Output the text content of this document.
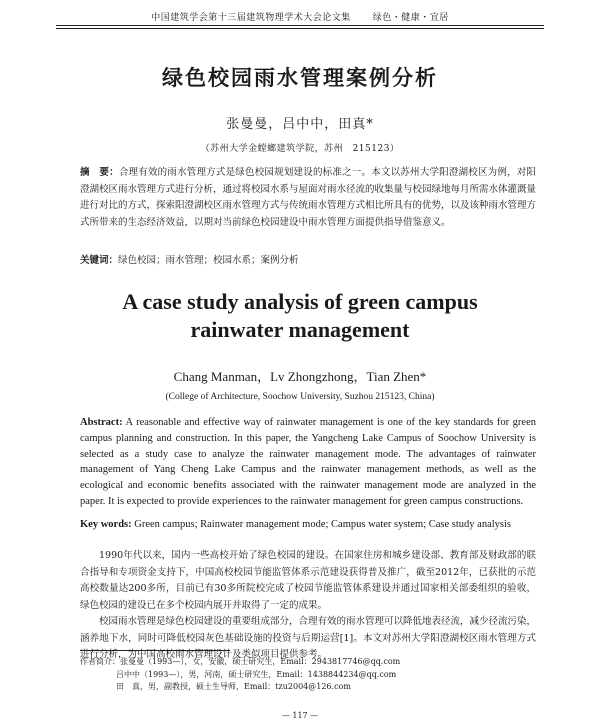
中国建筑学会第十三届建筑物理学术大会论文集 绿色・健康・宜居
绿色校园雨水管理案例分析
张曼曼，吕中中，田真*
（苏州大学金螳螂建筑学院，苏州　215123）
摘　要：合理有效的雨水管理方式是绿色校园规划建设的标准之一。本文以苏州大学阳澄湖校区为例，对阳澄湖校区雨水管理方式进行分析，通过将校园水系与屋面对雨水径流的收集量与校园绿地每月所需水体灌溉量进行对比的方式，探索阳澄湖校区雨水管理方式与传统雨水管理方式相比所具有的优势，以及该种雨水管理方式所带来的生态经济效益，以期对当前绿色校园建设中雨水管理方面提供指导借鉴意义。
关键词：绿色校园；雨水管理；校园水系；案例分析
A case study analysis of green campus
rainwater management
Chang Manman，Lv Zhongzhong，Tian Zhen*
(College of Architecture, Soochow University, Suzhou 215123, China)
Abstract: A reasonable and effective way of rainwater management is one of the key standards for green campus planning and construction. In this paper, the Yangcheng Lake Campus of Soochow University is selected as a study case to analyze the rainwater management mode. The advantages of rainwater management of Yang Cheng Lake Campus and the rainwater management methods, as well as the ecological and economic benefits associated with the rainwater management mode are analyzed in the paper. It is expected to provide experiences to the rainwater management for green campus constructions.
Key words: Green campus; Rainwater management mode; Campus water system; Case study analysis

1990年代以来，国内一些高校开始了绿色校园的建设。在国家住房和城乡建设部、教育部及财政部的联合指导和专项资金支持下，中国高校校园节能监管体系示范建设获得普及推广，截至2012年，已获批的示范高校数量达200多所，目前已有30多所院校完成了校园节能监管体系建设并通过国家相关部委组织的验收，绿色校园的建设已在多个校园内展开并取得了一定的成果。

校园雨水管理是绿色校园建设的重要组成部分，合理有效的雨水管理可以降低地表径流，减少径流污染，涵养地下水，同时可降低校园灰色基础设施的投资与后期运营[1]。本文对苏州大学阳澄湖校区雨水管理方式进行分析，为中国高校雨水管理设计及类似项目提供参考。

作者简介：张曼曼（1993—），女，安徽，硕士研究生，Email：2943817746@qq.com
吕中中（1993—），男，河南，硕士研究生，Email：1438844234@qq.com
田　真，男，副教授，硕士生导师，Email：tzu2004@126.com
— 117 —
